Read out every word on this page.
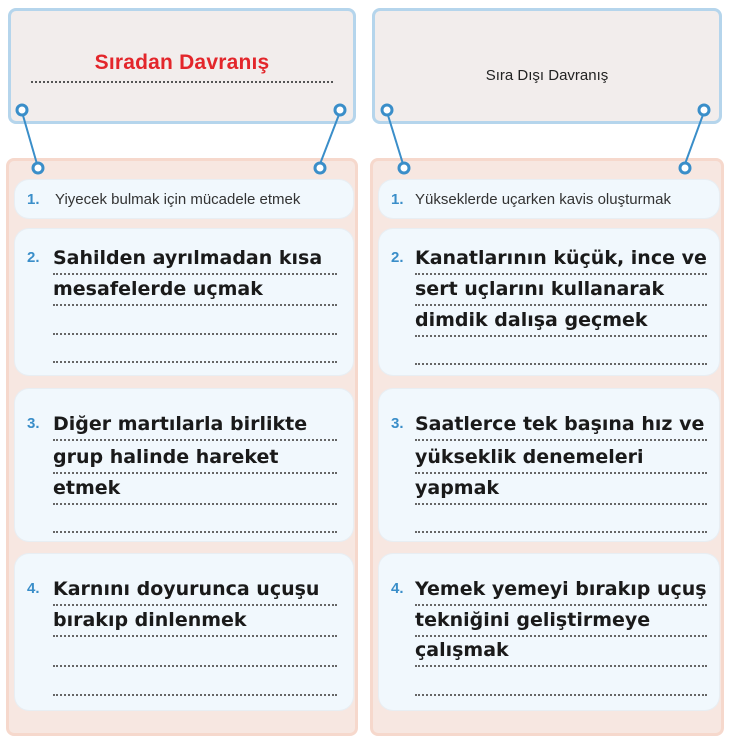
Sıradan Davranış
Sıra Dışı Davranış
1. Yiyecek bulmak için mücadele etmek
2. Sahilden ayrılmadan kısa
mesafelerde uçmak
3. Diğer martılarla birlikte
grup halinde hareket
etmek
4. Karnını doyurunca uçuşu
bırakıp dinlenmek
1. Yükseklerde uçarken kavis oluşturmak
2. Kanatlarının küçük, ince ve
sert uçlarını kullanarak
dimdik dalışa geçmek
3. Saatlerce tek başına hız ve
yükseklik denemeleri
yapmak
4. Yemek yemeyi bırakıp uçuş
tekniğini geliştirmeye
çalışmak
